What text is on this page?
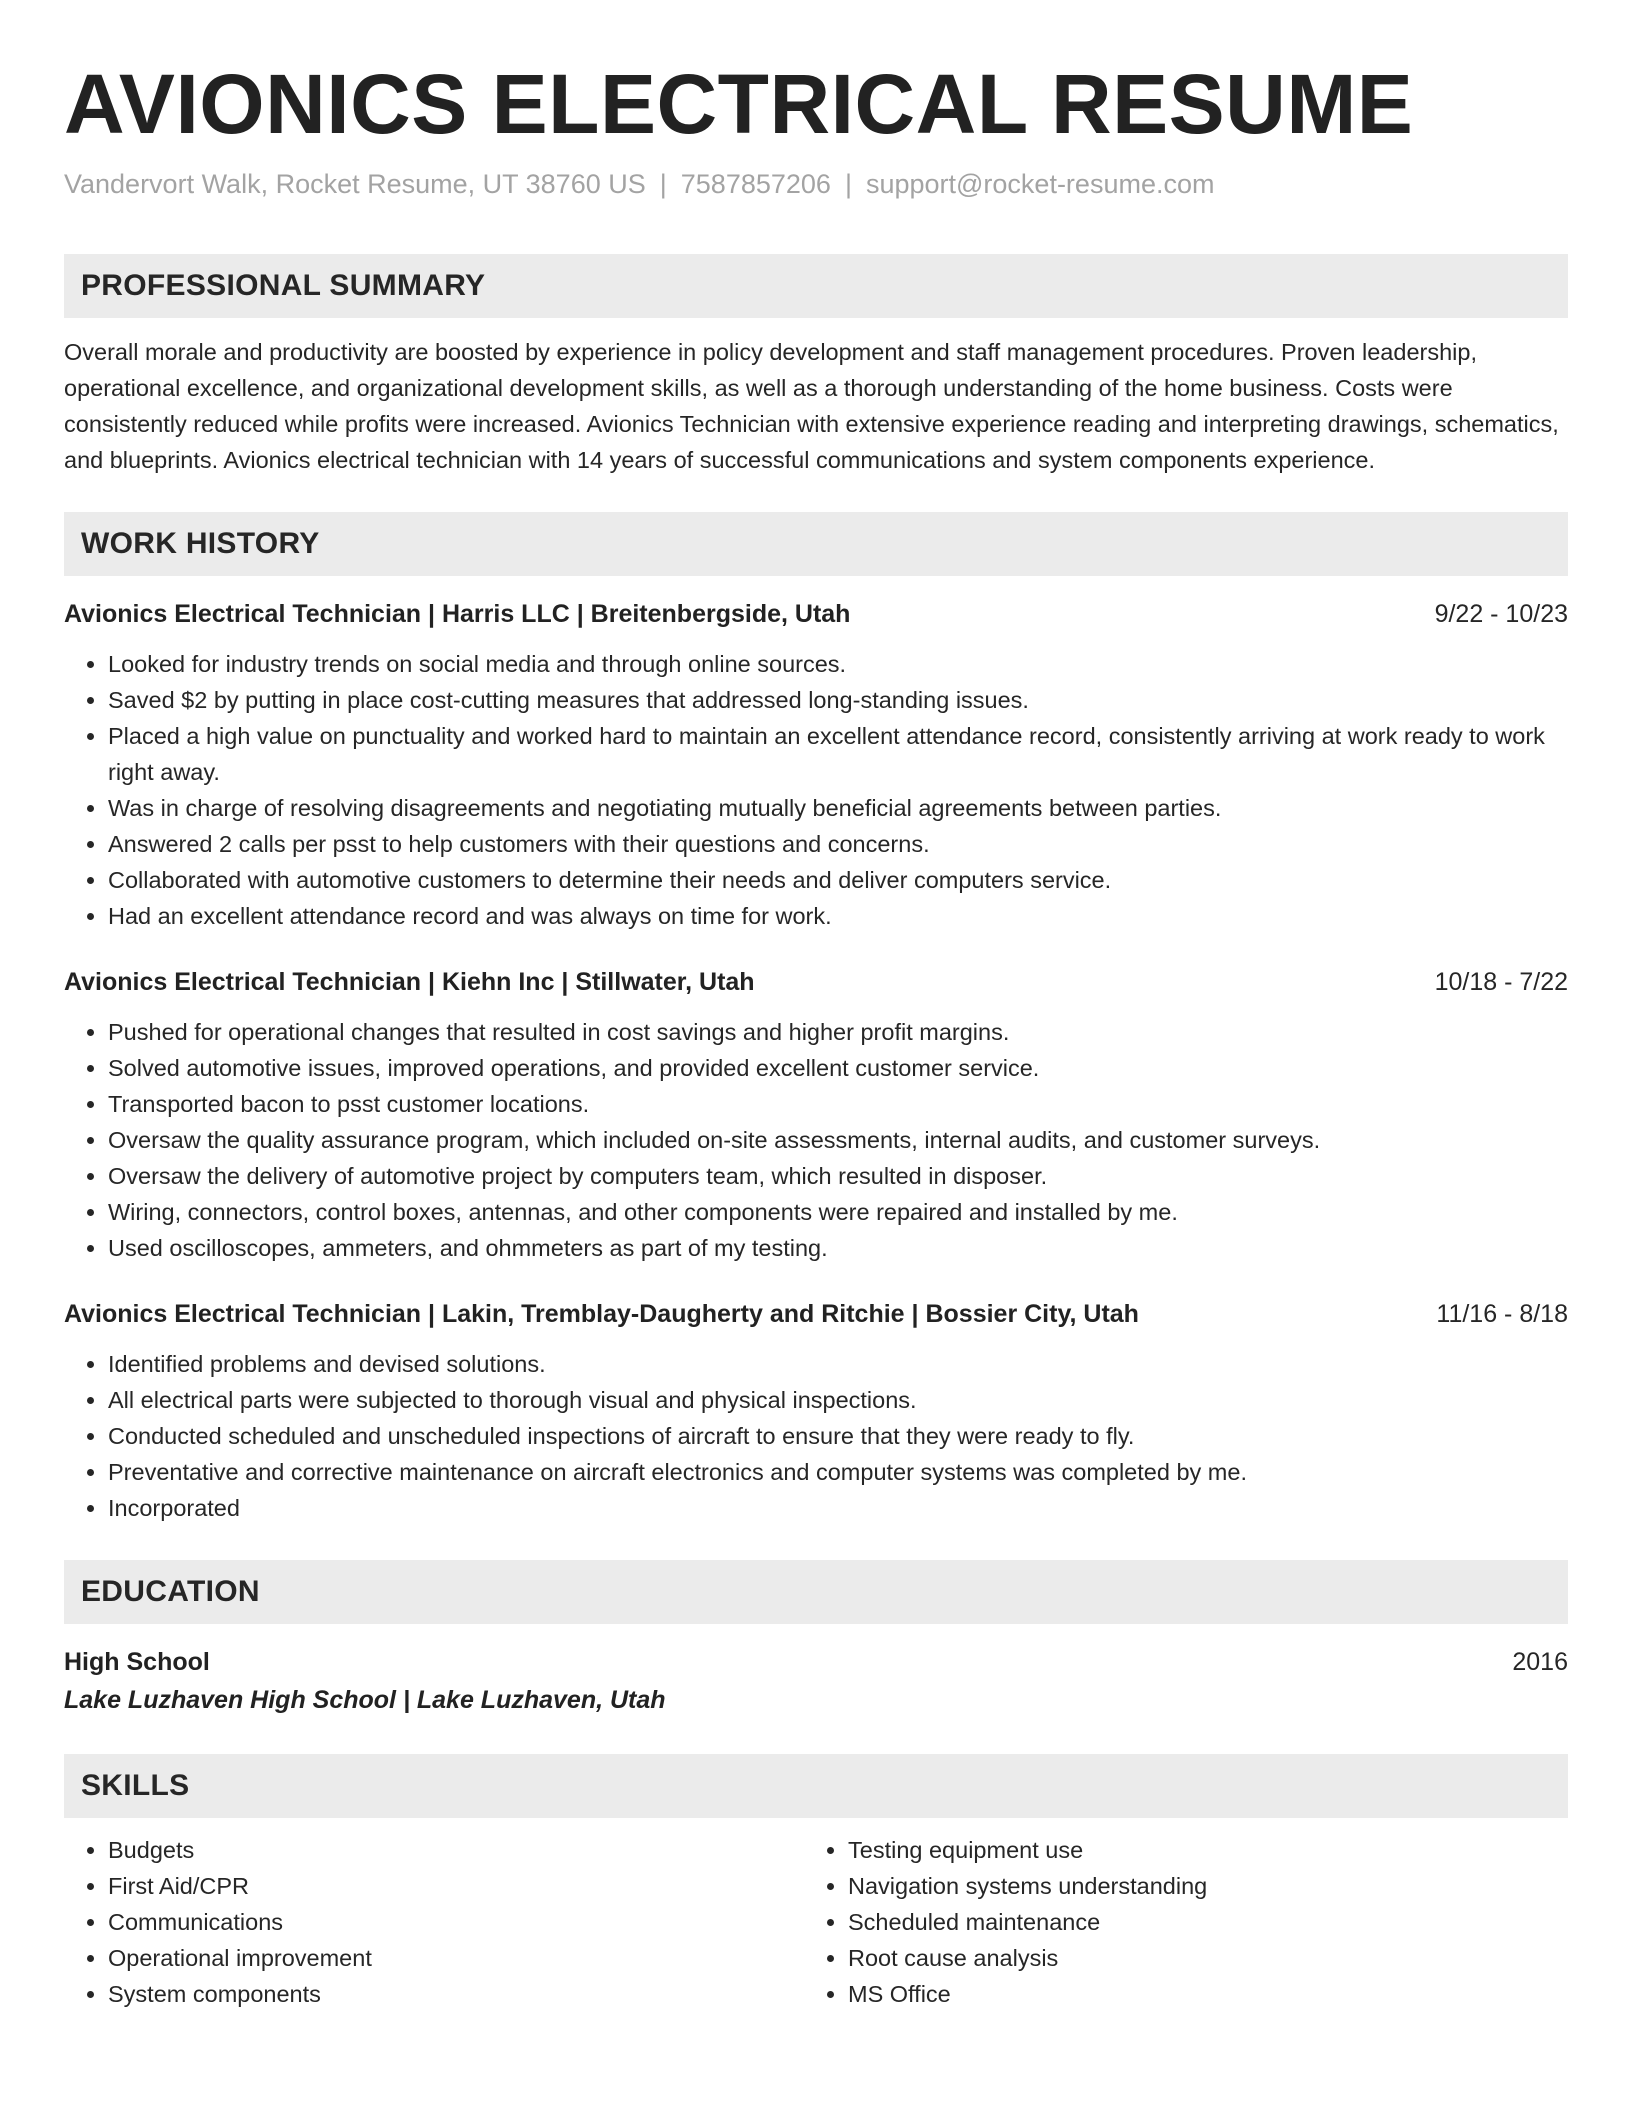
AVIONICS ELECTRICAL RESUME
Vandervort Walk, Rocket Resume, UT 38760 US | 7587857206 | support@rocket-resume.com
PROFESSIONAL SUMMARY
Overall morale and productivity are boosted by experience in policy development and staff management procedures. Proven leadership, operational excellence, and organizational development skills, as well as a thorough understanding of the home business. Costs were consistently reduced while profits were increased. Avionics Technician with extensive experience reading and interpreting drawings, schematics, and blueprints. Avionics electrical technician with 14 years of successful communications and system components experience.
WORK HISTORY
Avionics Electrical Technician | Harris LLC | Breitenbergside, Utah	9/22 - 10/23
• Looked for industry trends on social media and through online sources.
• Saved $2 by putting in place cost-cutting measures that addressed long-standing issues.
• Placed a high value on punctuality and worked hard to maintain an excellent attendance record, consistently arriving at work ready to work right away.
• Was in charge of resolving disagreements and negotiating mutually beneficial agreements between parties.
• Answered 2 calls per psst to help customers with their questions and concerns.
• Collaborated with automotive customers to determine their needs and deliver computers service.
• Had an excellent attendance record and was always on time for work.
Avionics Electrical Technician | Kiehn Inc | Stillwater, Utah	10/18 - 7/22
• Pushed for operational changes that resulted in cost savings and higher profit margins.
• Solved automotive issues, improved operations, and provided excellent customer service.
• Transported bacon to psst customer locations.
• Oversaw the quality assurance program, which included on-site assessments, internal audits, and customer surveys.
• Oversaw the delivery of automotive project by computers team, which resulted in disposer.
• Wiring, connectors, control boxes, antennas, and other components were repaired and installed by me.
• Used oscilloscopes, ammeters, and ohmmeters as part of my testing.
Avionics Electrical Technician | Lakin, Tremblay-Daugherty and Ritchie | Bossier City, Utah	11/16 - 8/18
• Identified problems and devised solutions.
• All electrical parts were subjected to thorough visual and physical inspections.
• Conducted scheduled and unscheduled inspections of aircraft to ensure that they were ready to fly.
• Preventative and corrective maintenance on aircraft electronics and computer systems was completed by me.
• Incorporated
EDUCATION
High School	2016
Lake Luzhaven High School | Lake Luzhaven, Utah
SKILLS
• Budgets
• First Aid/CPR
• Communications
• Operational improvement
• System components
• Testing equipment use
• Navigation systems understanding
• Scheduled maintenance
• Root cause analysis
• MS Office
